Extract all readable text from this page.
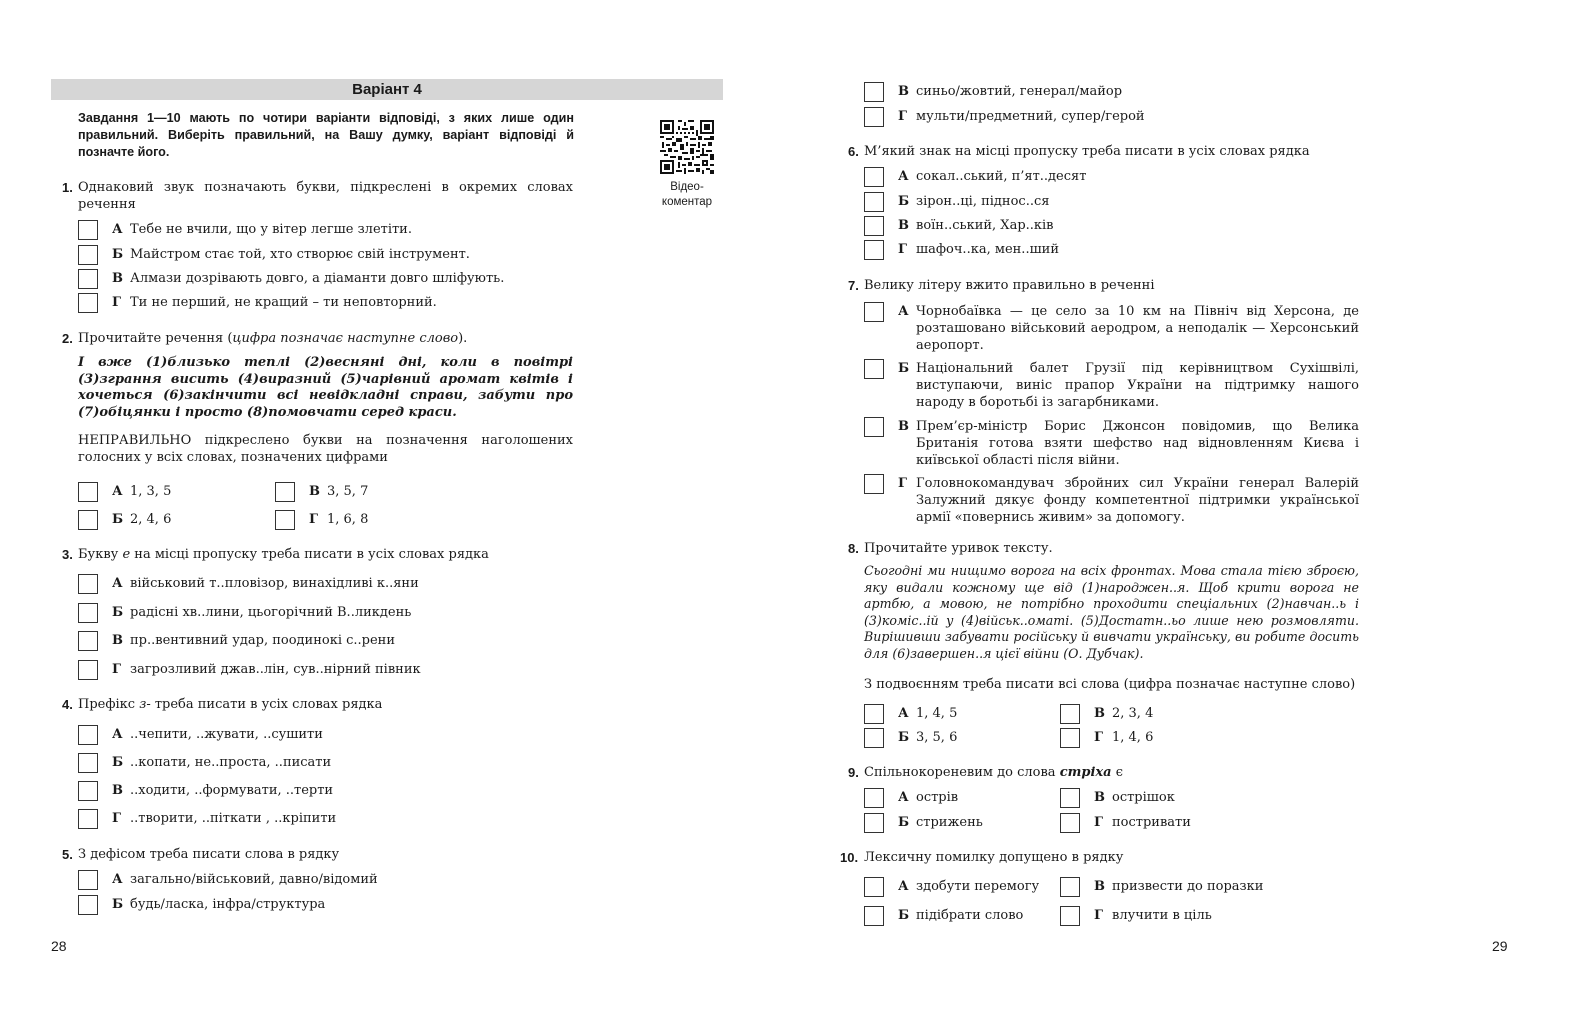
Варіант 4
Завдання 1—10 мають по чотири варіанти відповіді, з яких лише один правильний. Виберіть правильний, на Вашу думку, варіант відповіді й позначте його.
Відео-
коментар
1. Однаковий звук позначають букви, підкреслені в окремих словах речення
А Тебе не вчили, що у вітер легше злетіти.
Б Майстром стає той, хто створює свій інструмент.
В Алмази дозрівають довго, а діаманти довго шліфують.
Г Ти не перший, не кращий – ти неповторний.
2. Прочитайте речення (цифра позначає наступне слово).
І вже (1)близько теплі (2)весняні дні, коли в повітрі (3)зграння висить (4)виразний (5)чарівний аромат квітів і хочеться (6)закінчити всі невідкладні справи, забути про (7)обіцянки і просто (8)помовчати серед краси.
НЕПРАВИЛЬНО підкреслено букви на позначення наголошених голосних у всіх словах, позначених цифрами
А 1, 3, 5	В 3, 5, 7
Б 2, 4, 6	Г 1, 6, 8
3. Букву е на місці пропуску треба писати в усіх словах рядка
А військовий т..пловізор, винахідливі к..яни
Б радісні хв..лини, цьогорічний В..ликдень
В пр..вентивний удар, поодинокі с..рени
Г загрозливий джав..лін, сув..нірний півник
4. Префікс з- треба писати в усіх словах рядка
А ..чепити, ..жувати, ..сушити
Б ..копати, не..проста, ..писати
В ..ходити, ..формувати, ..терти
Г ..творити, ..піткати , ..кріпити
5. З дефісом треба писати слова в рядку
А загально/військовий, давно/відомий
Б будь/ласка, інфра/структура
28
В синьо/жовтий, генерал/майор
Г мульти/предметний, супер/герой
6. М’який знак на місці пропуску треба писати в усіх словах рядка
А сокал..ський, п’ят..десят
Б зірон..ці, піднос..ся
В воїн..ський, Хар..ків
Г шафоч..ка, мен..ший
7. Велику літеру вжито правильно в реченні
А Чорнобаївка — це село за 10 км на Північ від Херсона, де розташовано військовий аеродром, а неподалік — Херсонський аеропорт.
Б Національний балет Грузії під керівництвом Сухішвілі, виступаючи, виніс прапор України на підтримку нашого народу в боротьбі із загарбниками.
В Прем’єр-міністр Борис Джонсон повідомив, що Велика Британія готова взяти шефство над відновленням Києва і київської області після війни.
Г Головнокомандувач збройних сил України генерал Валерій Залужний дякує фонду компетентної підтримки української армії «повернись живим» за допомогу.
8. Прочитайте уривок тексту.
Сьогодні ми нищимо ворога на всіх фронтах. Мова стала тією зброєю, яку видали кожному ще від (1)народжен..я. Щоб крити ворога не артбю, а мовою, не потрібно проходити спеціальних (2)навчан..ь і (3)коміс..ій у (4)військ..оматі. (5)Достатн..ьо лише нею розмовляти. Вирішивши забувати російську й вивчати українську, ви робите досить для (6)завершен..я цієї війни (О. Дубчак).
З подвоєнням треба писати всі слова (цифра позначає наступне слово)
А 1, 4, 5	В 2, 3, 4
Б 3, 5, 6	Г 1, 4, 6
9. Спільнокореневим до слова стріха є
А острів	В острішок
Б стрижень	Г постривати
10. Лексичну помилку допущено в рядку
А здобути перемогу	В призвести до поразки
Б підібрати слово	Г влучити в ціль
29
